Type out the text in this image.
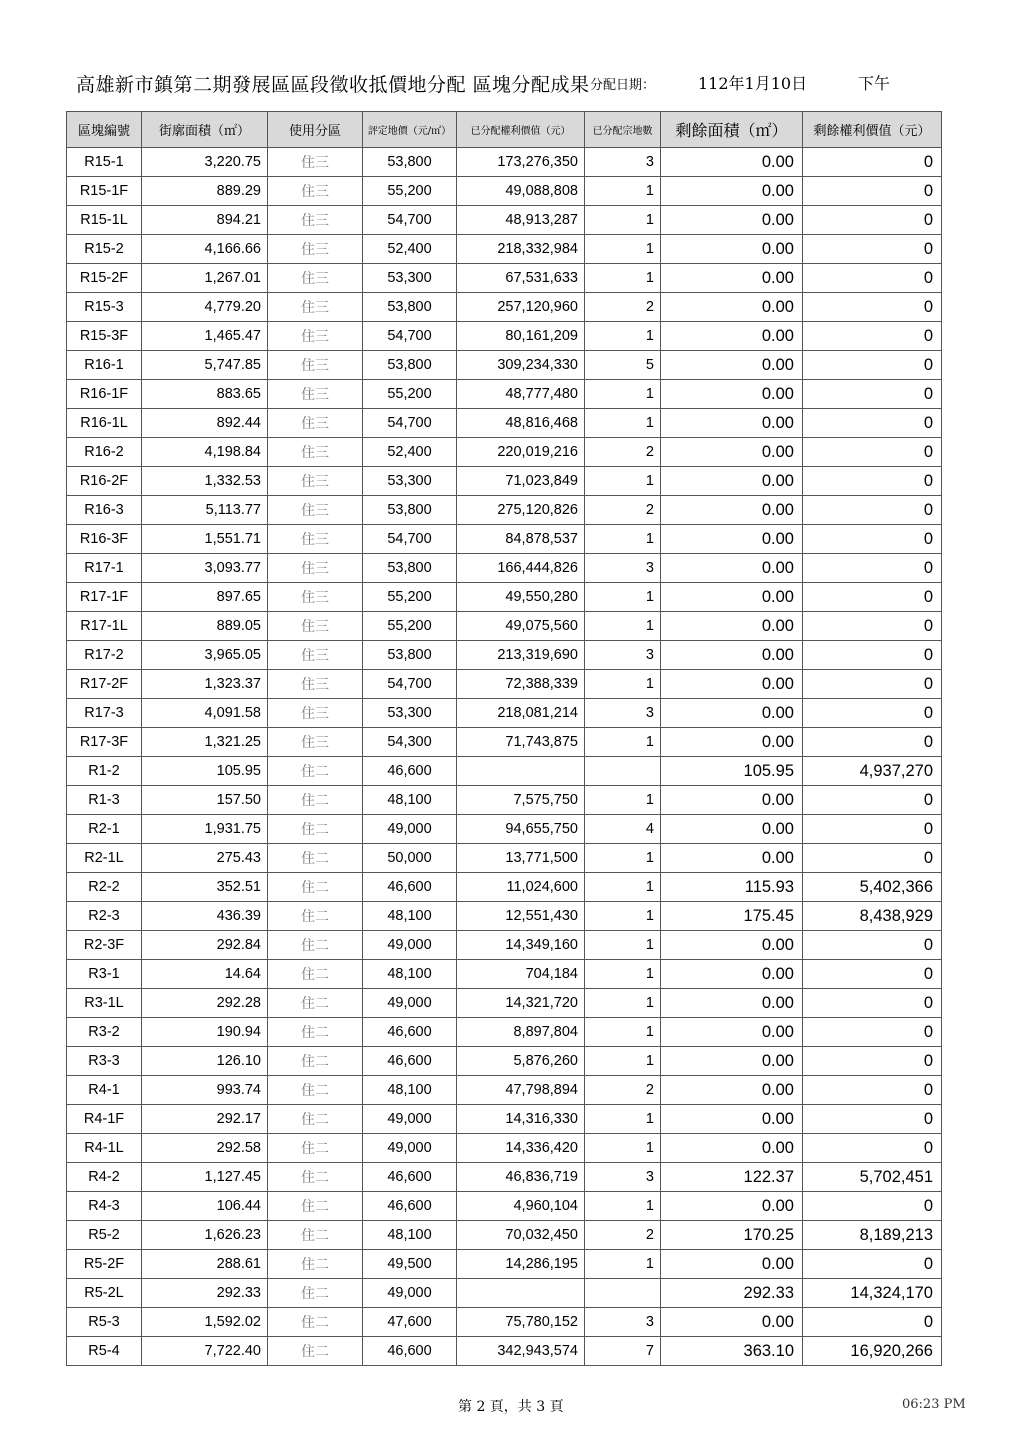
高雄新市鎮第二期發展區區段徵收抵價地分配 區塊分配成果 分配日期：	112年1月10日	下午
區塊編號	街廓面積（㎡）	使用分區	評定地價（元/㎡）	已分配權利價值（元）	已分配宗地數	剩餘面積（㎡）	剩餘權利價值（元）
R15-1	3,220.75	住三	53,800	173,276,350	3	0.00	0
R15-1F	889.29	住三	55,200	49,088,808	1	0.00	0
R15-1L	894.21	住三	54,700	48,913,287	1	0.00	0
R15-2	4,166.66	住三	52,400	218,332,984	1	0.00	0
R15-2F	1,267.01	住三	53,300	67,531,633	1	0.00	0
R15-3	4,779.20	住三	53,800	257,120,960	2	0.00	0
R15-3F	1,465.47	住三	54,700	80,161,209	1	0.00	0
R16-1	5,747.85	住三	53,800	309,234,330	5	0.00	0
R16-1F	883.65	住三	55,200	48,777,480	1	0.00	0
R16-1L	892.44	住三	54,700	48,816,468	1	0.00	0
R16-2	4,198.84	住三	52,400	220,019,216	2	0.00	0
R16-2F	1,332.53	住三	53,300	71,023,849	1	0.00	0
R16-3	5,113.77	住三	53,800	275,120,826	2	0.00	0
R16-3F	1,551.71	住三	54,700	84,878,537	1	0.00	0
R17-1	3,093.77	住三	53,800	166,444,826	3	0.00	0
R17-1F	897.65	住三	55,200	49,550,280	1	0.00	0
R17-1L	889.05	住三	55,200	49,075,560	1	0.00	0
R17-2	3,965.05	住三	53,800	213,319,690	3	0.00	0
R17-2F	1,323.37	住三	54,700	72,388,339	1	0.00	0
R17-3	4,091.58	住三	53,300	218,081,214	3	0.00	0
R17-3F	1,321.25	住三	54,300	71,743,875	1	0.00	0
R1-2	105.95	住二	46,600			105.95	4,937,270
R1-3	157.50	住二	48,100	7,575,750	1	0.00	0
R2-1	1,931.75	住二	49,000	94,655,750	4	0.00	0
R2-1L	275.43	住二	50,000	13,771,500	1	0.00	0
R2-2	352.51	住二	46,600	11,024,600	1	115.93	5,402,366
R2-3	436.39	住二	48,100	12,551,430	1	175.45	8,438,929
R2-3F	292.84	住二	49,000	14,349,160	1	0.00	0
R3-1	14.64	住二	48,100	704,184	1	0.00	0
R3-1L	292.28	住二	49,000	14,321,720	1	0.00	0
R3-2	190.94	住二	46,600	8,897,804	1	0.00	0
R3-3	126.10	住二	46,600	5,876,260	1	0.00	0
R4-1	993.74	住二	48,100	47,798,894	2	0.00	0
R4-1F	292.17	住二	49,000	14,316,330	1	0.00	0
R4-1L	292.58	住二	49,000	14,336,420	1	0.00	0
R4-2	1,127.45	住二	46,600	46,836,719	3	122.37	5,702,451
R4-3	106.44	住二	46,600	4,960,104	1	0.00	0
R5-2	1,626.23	住二	48,100	70,032,450	2	170.25	8,189,213
R5-2F	288.61	住二	49,500	14,286,195	1	0.00	0
R5-2L	292.33	住二	49,000			292.33	14,324,170
R5-3	1,592.02	住二	47,600	75,780,152	3	0.00	0
R5-4	7,722.40	住二	46,600	342,943,574	7	363.10	16,920,266
第 2 頁，共 3 頁	06:23 PM
